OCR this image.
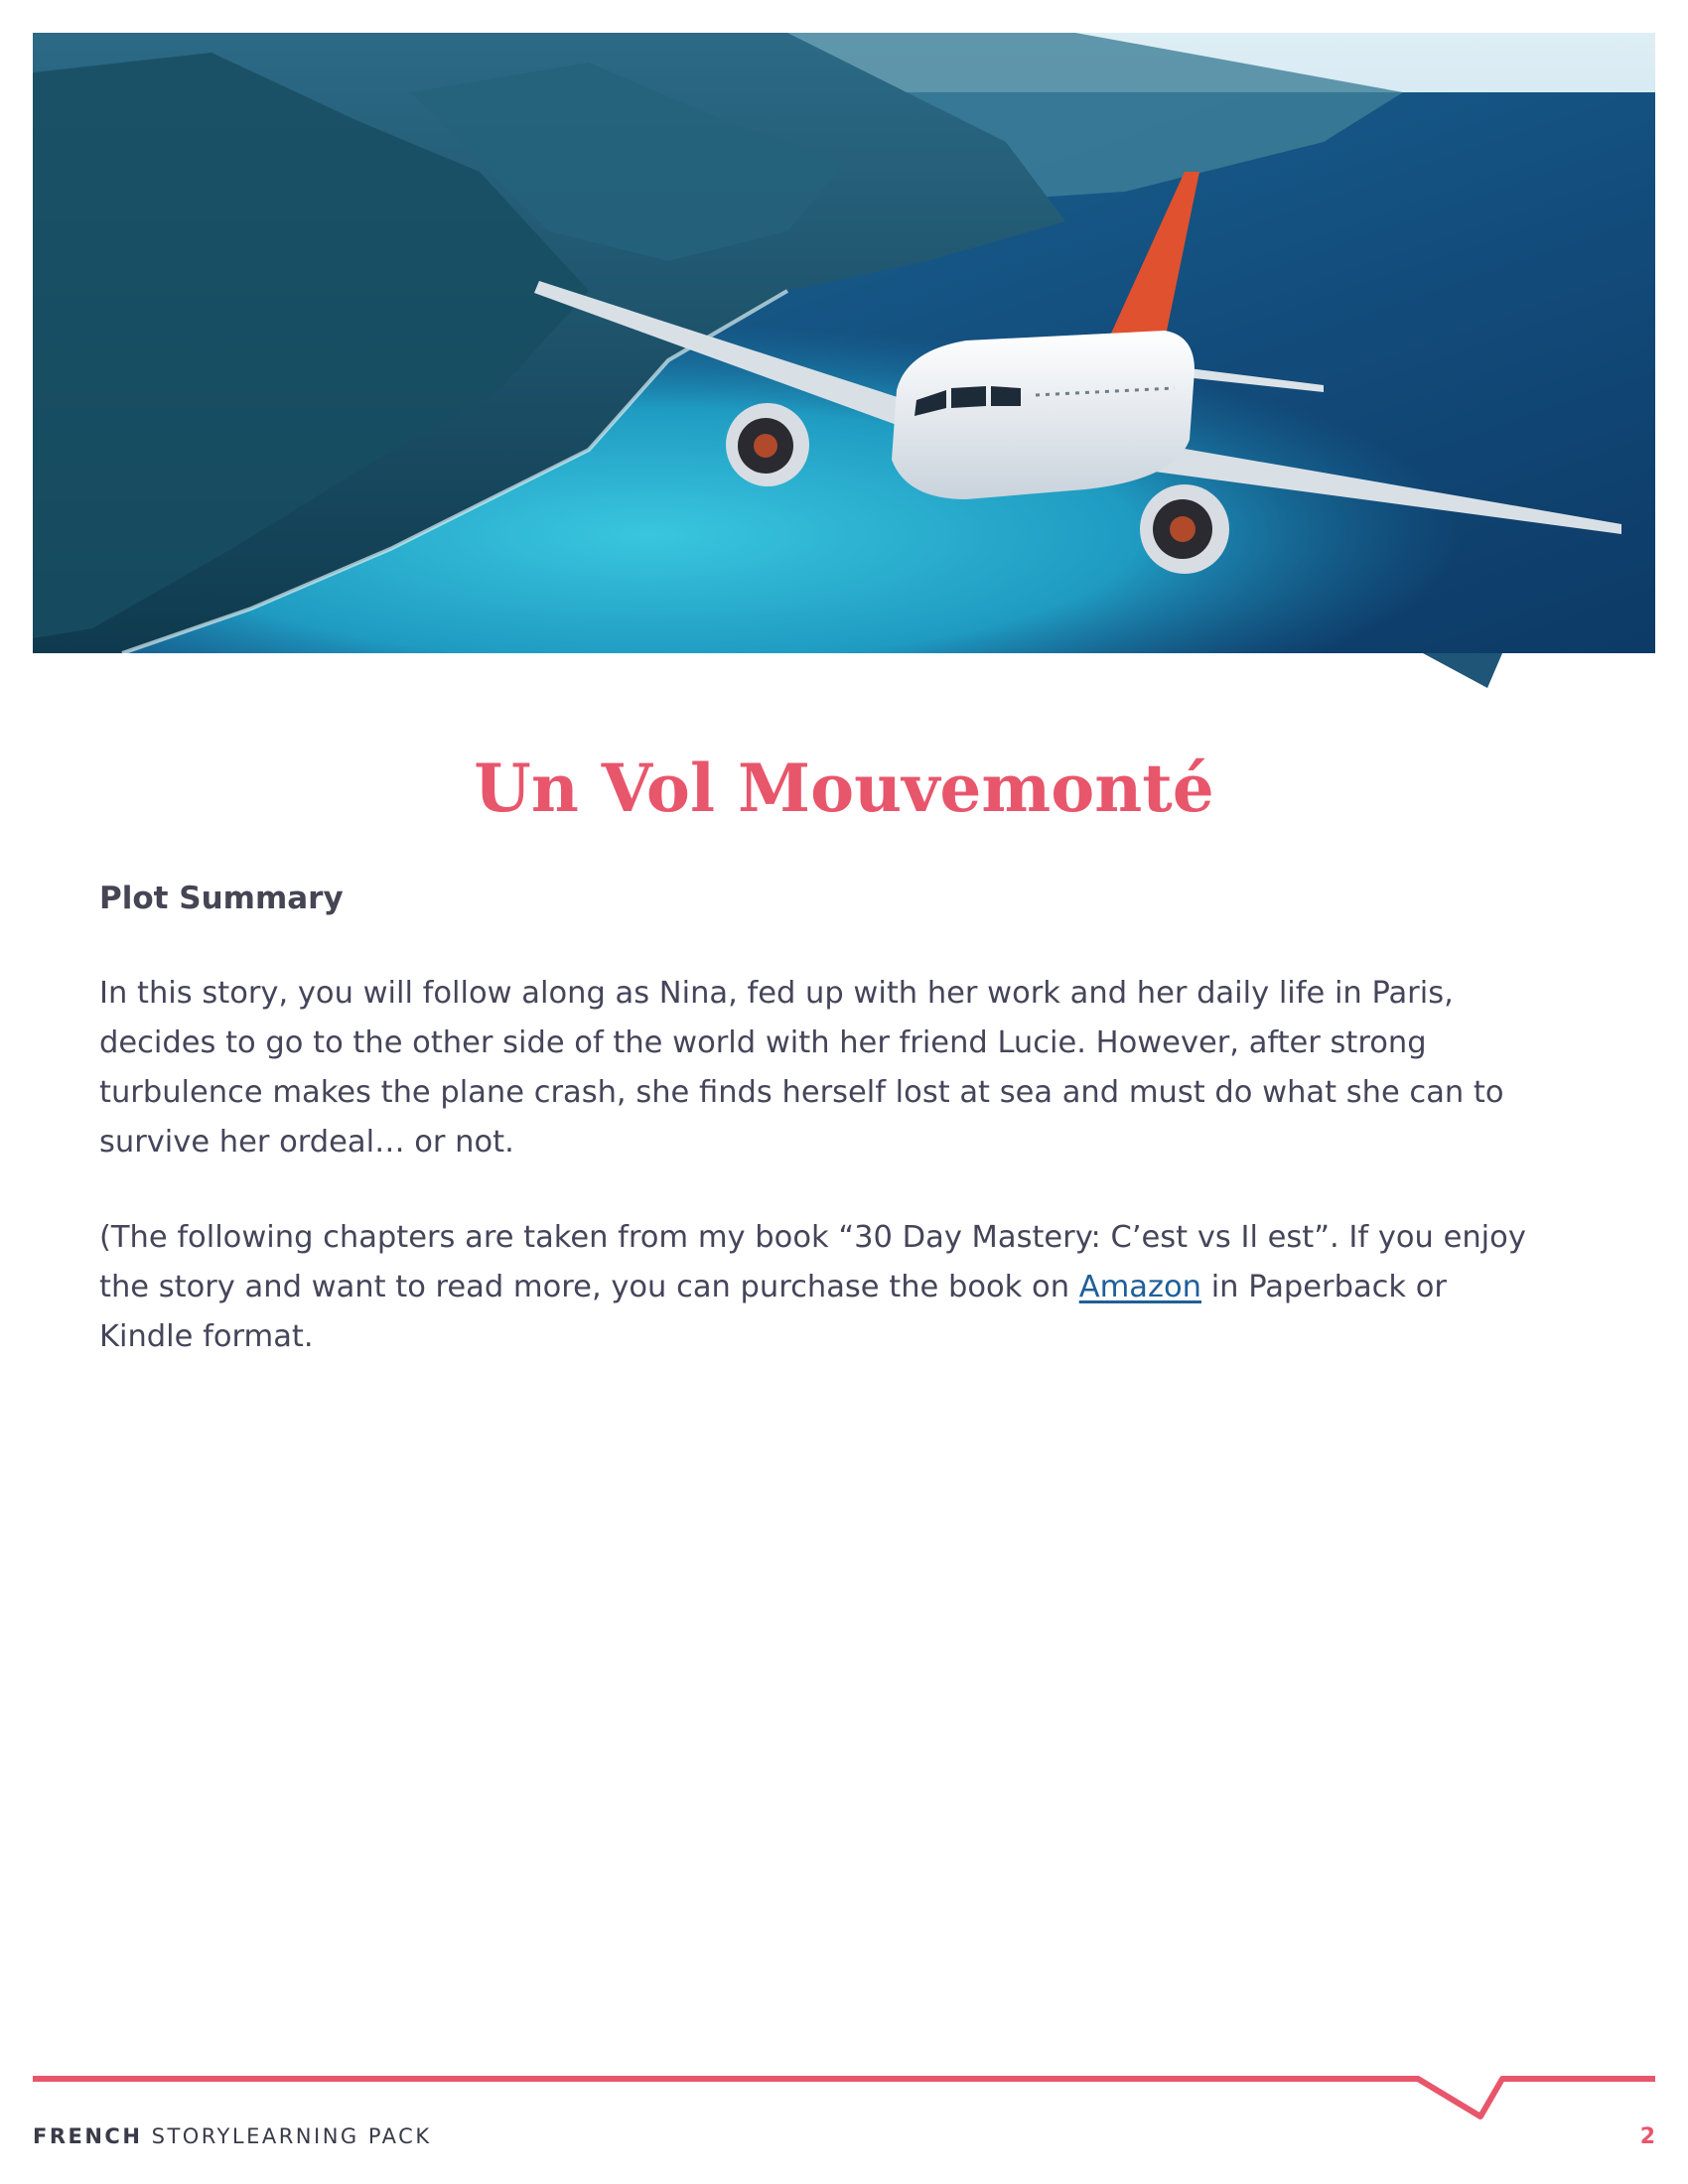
Un Vol Mouvemonté
Plot Summary

In this story, you will follow along as Nina, fed up with her work and her daily life in Paris,
decides to go to the other side of the world with her friend Lucie. However, after strong
turbulence makes the plane crash, she finds herself lost at sea and must do what she can to
survive her ordeal… or not.

(The following chapters are taken from my book “30 Day Mastery: C’est vs Il est”. If you enjoy
the story and want to read more, you can purchase the book on Amazon in Paperback or
Kindle format.

FRENCH STORYLEARNING PACK	2
